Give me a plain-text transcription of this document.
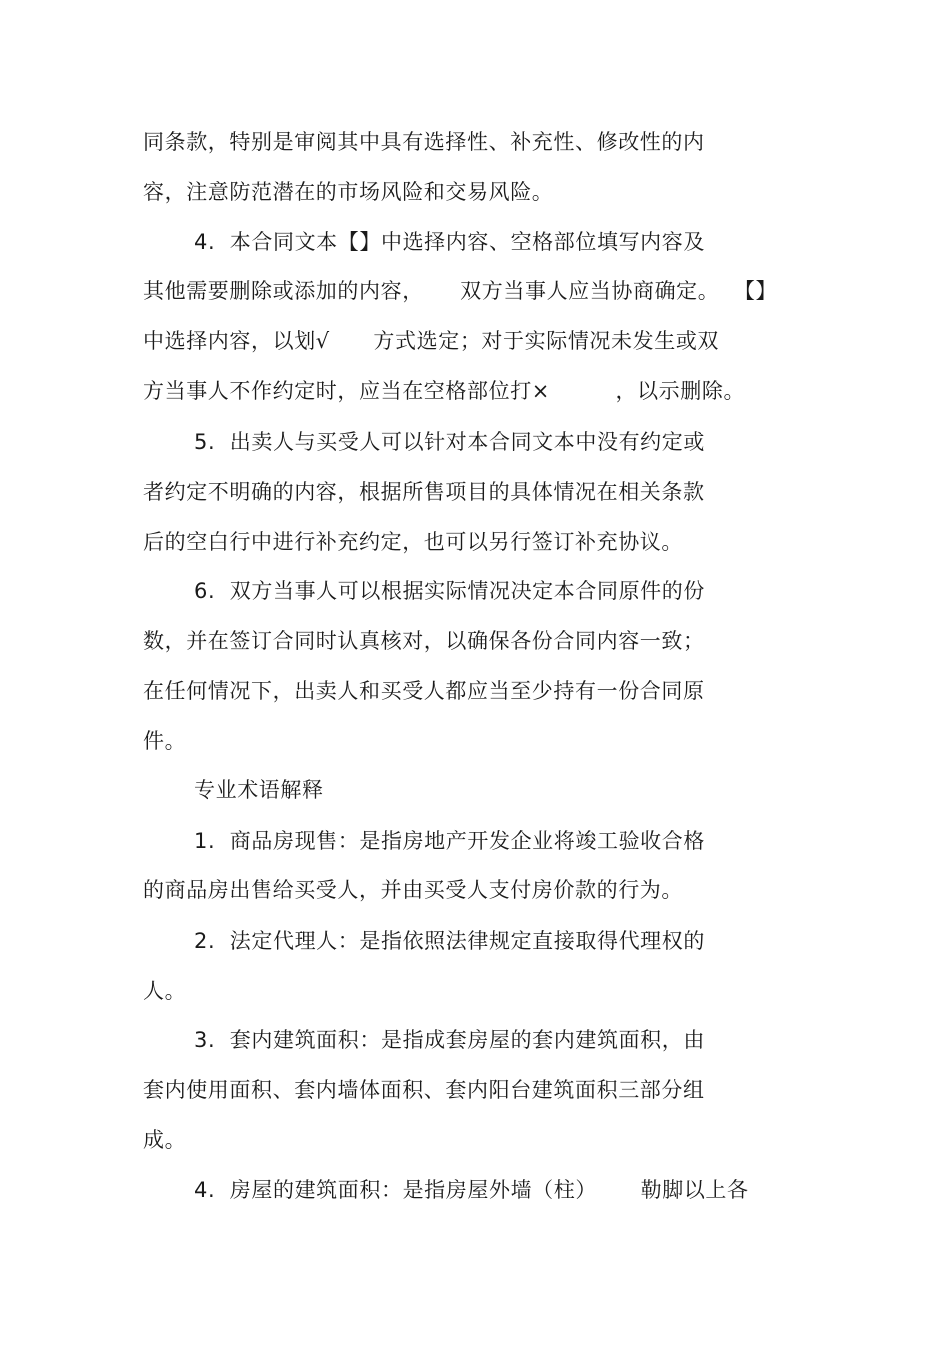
同条款，特别是审阅其中具有选择性、补充性、修改性的内
容，注意防范潜在的市场风险和交易风险。
4.  本合同文本【】中选择内容、空格部位填写内容及
其他需要删除或添加的内容，     双方当事人应当协商确定。  【】
中选择内容，以划√      方式选定；对于实际情况未发生或双
方当事人不作约定时，应当在空格部位打×         ，以示删除。
5.  出卖人与买受人可以针对本合同文本中没有约定或
者约定不明确的内容，根据所售项目的具体情况在相关条款
后的空白行中进行补充约定，也可以另行签订补充协议。
6.  双方当事人可以根据实际情况决定本合同原件的份
数，并在签订合同时认真核对，以确保各份合同内容一致；
在任何情况下，出卖人和买受人都应当至少持有一份合同原
件。
专业术语解释
1.  商品房现售：是指房地产开发企业将竣工验收合格
的商品房出售给买受人，并由买受人支付房价款的行为。
2.  法定代理人：是指依照法律规定直接取得代理权的
人。
3.  套内建筑面积：是指成套房屋的套内建筑面积，由
套内使用面积、套内墙体面积、套内阳台建筑面积三部分组
成。
4.  房屋的建筑面积：是指房屋外墙（柱）      勒脚以上各
